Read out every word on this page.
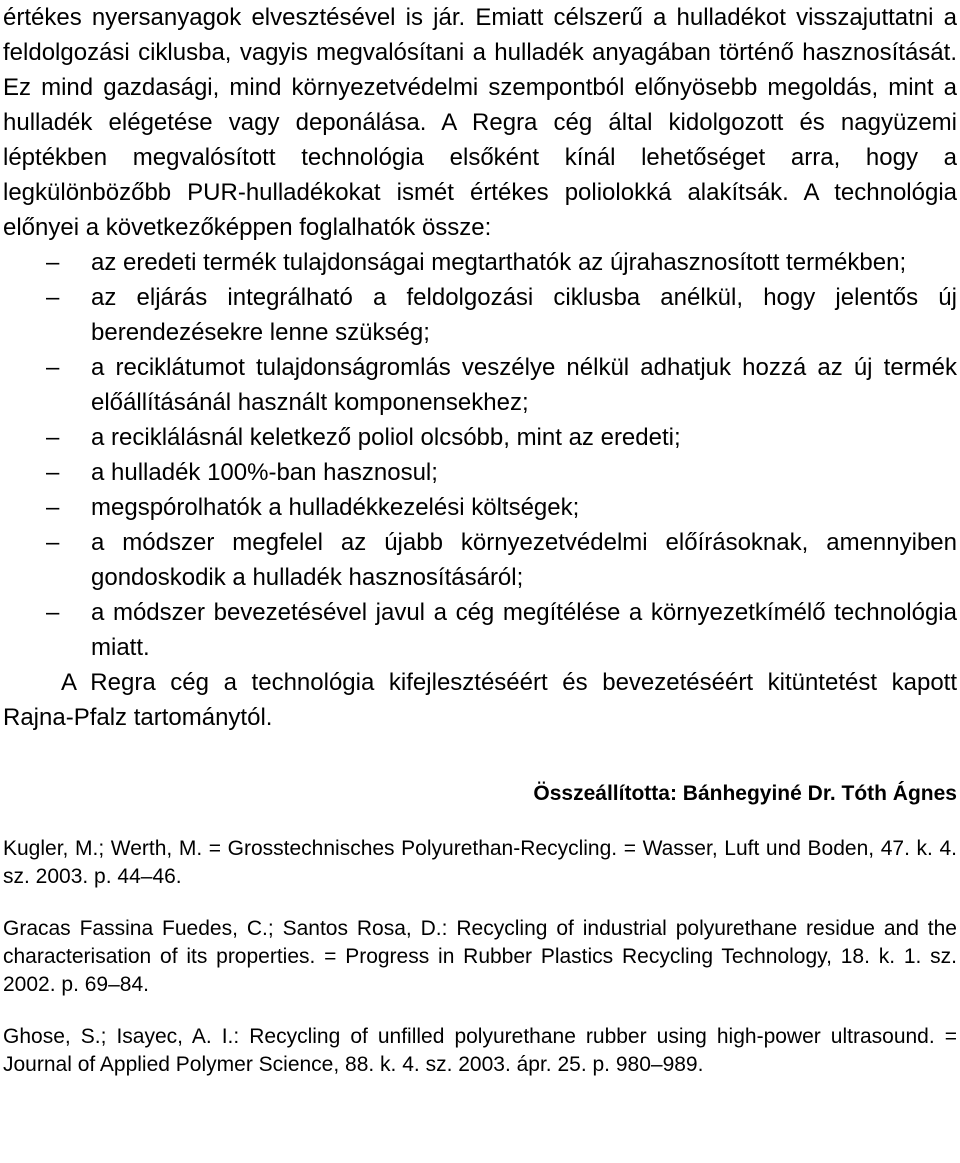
értékes nyersanyagok elvesztésével is jár. Emiatt célszerű a hulladékot visszajuttatni a feldolgozási ciklusba, vagyis megvalósítani a hulladék anyagában történő hasznosítását. Ez mind gazdasági, mind környezetvédelmi szempontból előnyösebb megoldás, mint a hulladék elégetése vagy deponálása. A Regra cég által kidolgozott és nagyüzemi léptékben megvalósított technológia elsőként kínál lehetőséget arra, hogy a legkülönbözőbb PUR-hulladékokat ismét értékes poliolokká alakítsák. A technológia előnyei a következőképpen foglalhatók össze:

–	az eredeti termék tulajdonságai megtarthatók az újrahasznosított termékben;
–	az eljárás integrálható a feldolgozási ciklusba anélkül, hogy jelentős új berendezésekre lenne szükség;
–	a reciklátumot tulajdonságromlás veszélye nélkül adhatjuk hozzá az új termék előállításánál használt komponensekhez;
–	a reciklálásnál keletkező poliol olcsóbb, mint az eredeti;
–	a hulladék 100%-ban hasznosul;
–	megspórolhatók a hulladékkezelési költségek;
–	a módszer megfelel az újabb környezetvédelmi előírásoknak, amennyiben gondoskodik a hulladék hasznosításáról;
–	a módszer bevezetésével javul a cég megítélése a környezetkímélő technológia miatt.

A Regra cég a technológia kifejlesztéséért és bevezetéséért kitüntetést kapott Rajna-Pfalz tartománytól.

Összeállította: Bánhegyiné Dr. Tóth Ágnes

Kugler, M.; Werth, M. = Grosstechnisches Polyurethan-Recycling. = Wasser, Luft und Boden, 47. k. 4. sz. 2003. p. 44–46.

Gracas Fassina Fuedes, C.; Santos Rosa, D.: Recycling of industrial polyurethane residue and the characterisation of its properties. = Progress in Rubber Plastics Recycling Technology, 18. k. 1. sz. 2002. p. 69–84.

Ghose, S.; Isayec, A. I.: Recycling of unfilled polyurethane rubber using high-power ultrasound. = Journal of Applied Polymer Science, 88. k. 4. sz. 2003. ápr. 25. p. 980–989.
